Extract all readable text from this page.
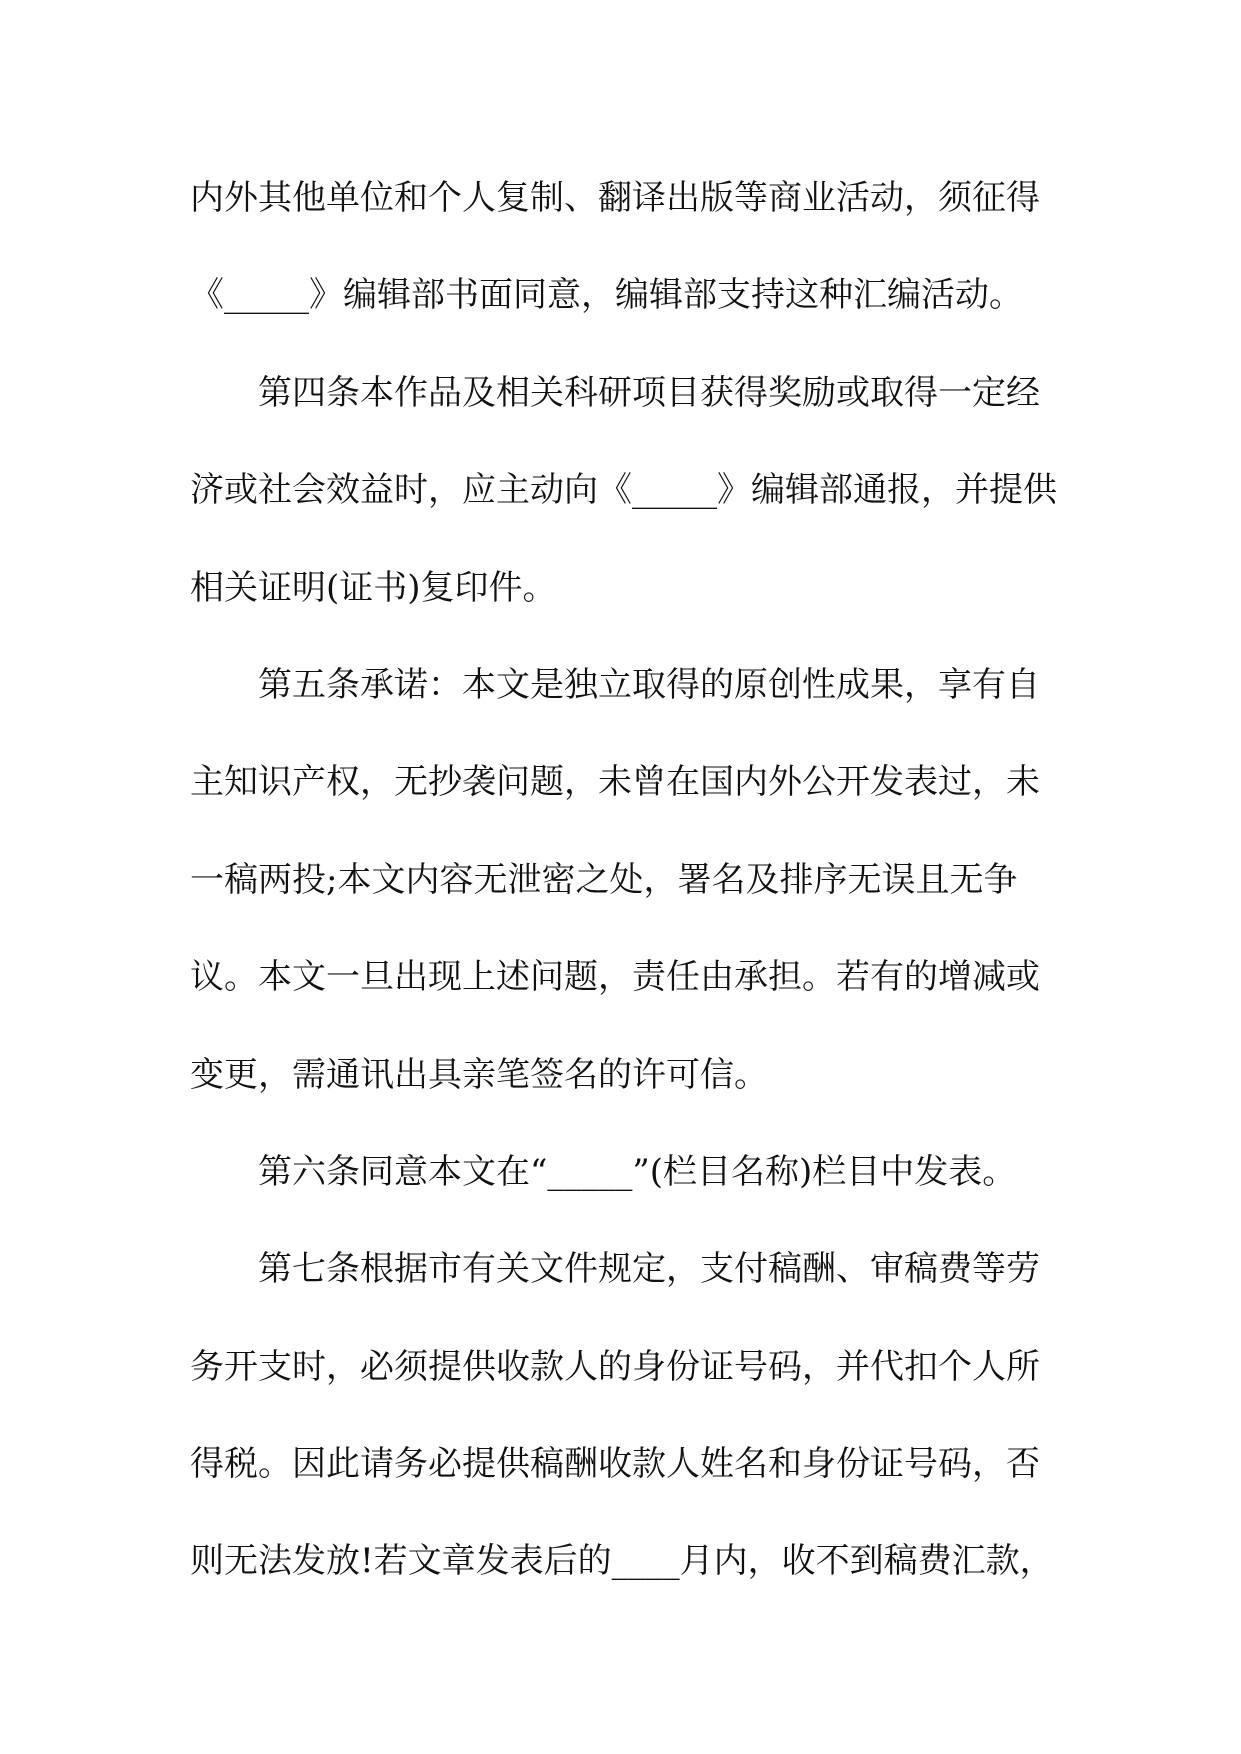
内外其他单位和个人复制、翻译出版等商业活动，须征得
《_____》编辑部书面同意，编辑部支持这种汇编活动。
第四条本作品及相关科研项目获得奖励或取得一定经
济或社会效益时，应主动向《_____》编辑部通报，并提供
相关证明(证书)复印件。
第五条承诺：本文是独立取得的原创性成果，享有自
主知识产权，无抄袭问题，未曾在国内外公开发表过，未
一稿两投;本文内容无泄密之处，署名及排序无误且无争
议。本文一旦出现上述问题，责任由承担。若有的增减或
变更，需通讯出具亲笔签名的许可信。
第六条同意本文在“_____”(栏目名称)栏目中发表。
第七条根据市有关文件规定，支付稿酬、审稿费等劳
务开支时，必须提供收款人的身份证号码，并代扣个人所
得税。因此请务必提供稿酬收款人姓名和身份证号码，否
则无法发放!若文章发表后的____月内，收不到稿费汇款，
